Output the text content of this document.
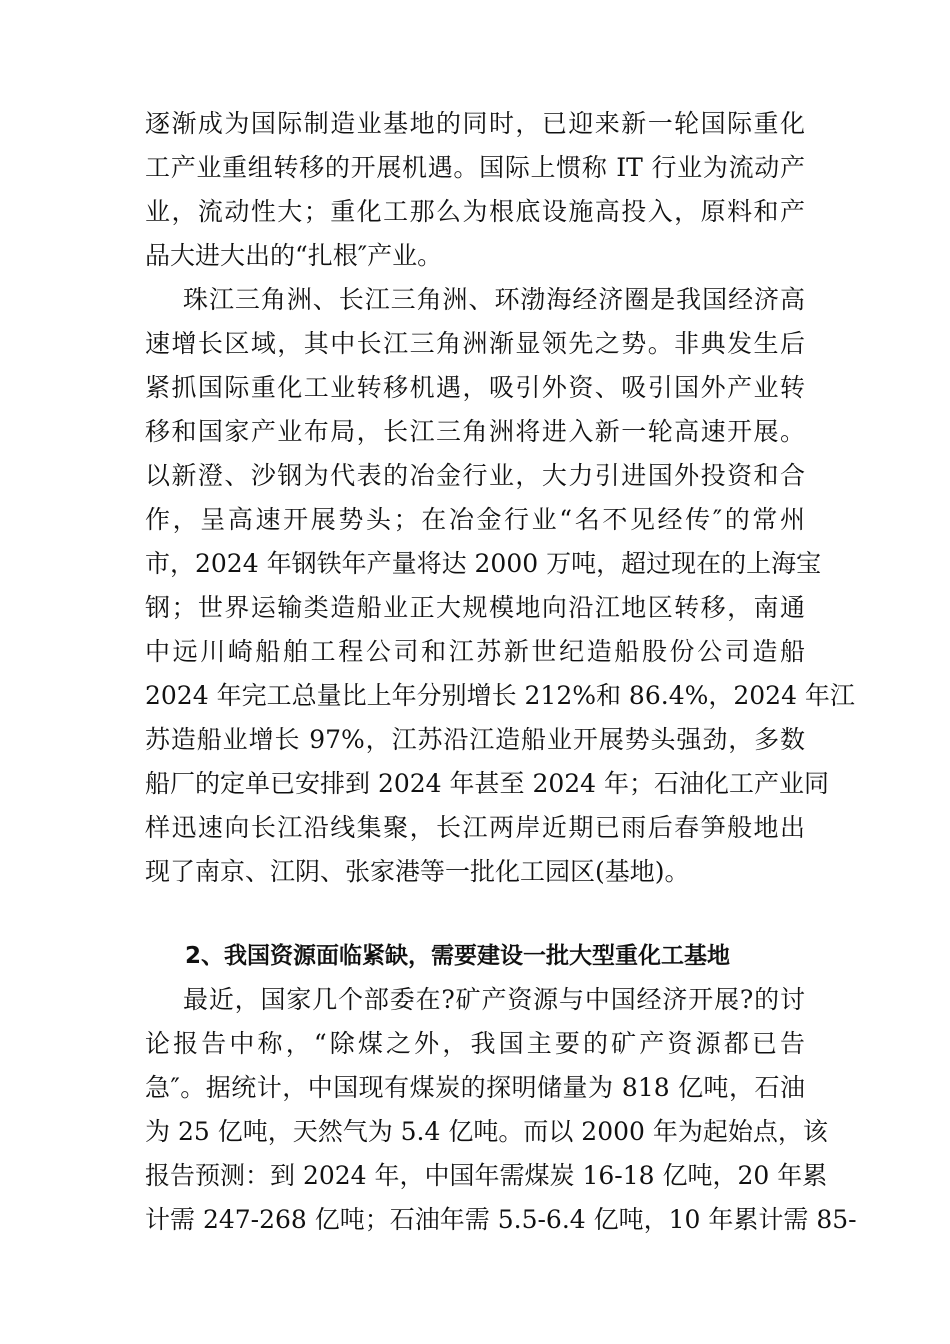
逐渐成为国际制造业基地的同时，已迎来新一轮国际重化
工产业重组转移的开展机遇。国际上惯称 IT 行业为流动产
业，流动性大；重化工那么为根底设施高投入，原料和产
品大进大出的“扎根″产业。
珠江三角洲、长江三角洲、环渤海经济圈是我国经济高
速增长区域，其中长江三角洲渐显领先之势。非典发生后
紧抓国际重化工业转移机遇，吸引外资、吸引国外产业转
移和国家产业布局，长江三角洲将进入新一轮高速开展。
以新澄、沙钢为代表的冶金行业，大力引进国外投资和合
作，呈高速开展势头；在冶金行业“名不见经传″的常州
市，2024 年钢铁年产量将达 2000 万吨，超过现在的上海宝
钢；世界运输类造船业正大规模地向沿江地区转移，南通
中远川崎船舶工程公司和江苏新世纪造船股份公司造船
2024 年完工总量比上年分别增长 212%和 86.4%，2024 年江
苏造船业增长 97%，江苏沿江造船业开展势头强劲，多数
船厂的定单已安排到 2024 年甚至 2024 年；石油化工产业同
样迅速向长江沿线集聚，长江两岸近期已雨后春笋般地出
现了南京、江阴、张家港等一批化工园区(基地)。
2、我国资源面临紧缺，需要建设一批大型重化工基地
最近，国家几个部委在?矿产资源与中国经济开展?的讨
论报告中称，“除煤之外，我国主要的矿产资源都已告
急″。据统计，中国现有煤炭的探明储量为 818 亿吨，石油
为 25 亿吨，天然气为 5.4 亿吨。而以 2000 年为起始点，该
报告预测：到 2024 年，中国年需煤炭 16-18 亿吨，20 年累
计需 247-268 亿吨；石油年需 5.5-6.4 亿吨，10 年累计需 85-
